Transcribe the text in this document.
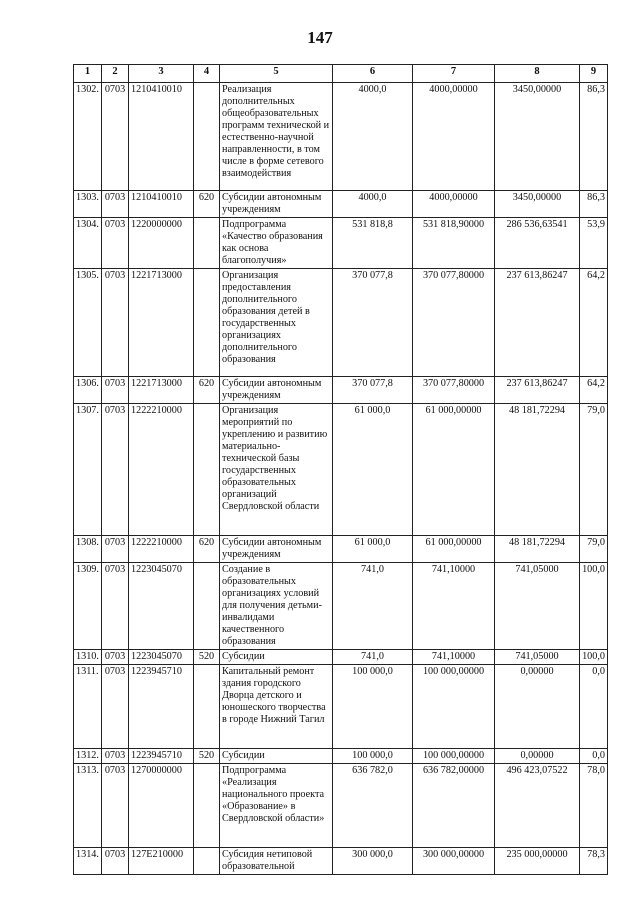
147
1	2	3	4	5	6	7	8	9
1302.	0703	1210410010		Реализация дополнительных общеобразовательных программ технической и естественно-научной направленности, в том числе в форме сетевого взаимодействия	4000,0	4000,00000	3450,00000	86,3
1303.	0703	1210410010	620	Субсидии автономным учреждениям	4000,0	4000,00000	3450,00000	86,3
1304.	0703	1220000000		Подпрограмма «Качество образования как основа благополучия»	531 818,8	531 818,90000	286 536,63541	53,9
1305.	0703	1221713000		Организация предоставления дополнительного образования детей в государственных организациях дополнительного образования	370 077,8	370 077,80000	237 613,86247	64,2
1306.	0703	1221713000	620	Субсидии автономным учреждениям	370 077,8	370 077,80000	237 613,86247	64,2
1307.	0703	1222210000		Организация мероприятий по укреплению и развитию материально-технической базы государственных образовательных организаций Свердловской области	61 000,0	61 000,00000	48 181,72294	79,0
1308.	0703	1222210000	620	Субсидии автономным учреждениям	61 000,0	61 000,00000	48 181,72294	79,0
1309.	0703	1223045070		Создание в образовательных организациях условий для получения детьми-инвалидами качественного образования	741,0	741,10000	741,05000	100,0
1310.	0703	1223045070	520	Субсидии	741,0	741,10000	741,05000	100,0
1311.	0703	1223945710		Капитальный ремонт здания городского Дворца детского и юношеского творчества в городе Нижний Тагил	100 000,0	100 000,00000	0,00000	0,0
1312.	0703	1223945710	520	Субсидии	100 000,0	100 000,00000	0,00000	0,0
1313.	0703	1270000000		Подпрограмма «Реализация национального проекта «Образование» в Свердловской области»	636 782,0	636 782,00000	496 423,07522	78,0
1314.	0703	127Е210000		Субсидия нетиповой образовательной	300 000,0	300 000,00000	235 000,00000	78,3
